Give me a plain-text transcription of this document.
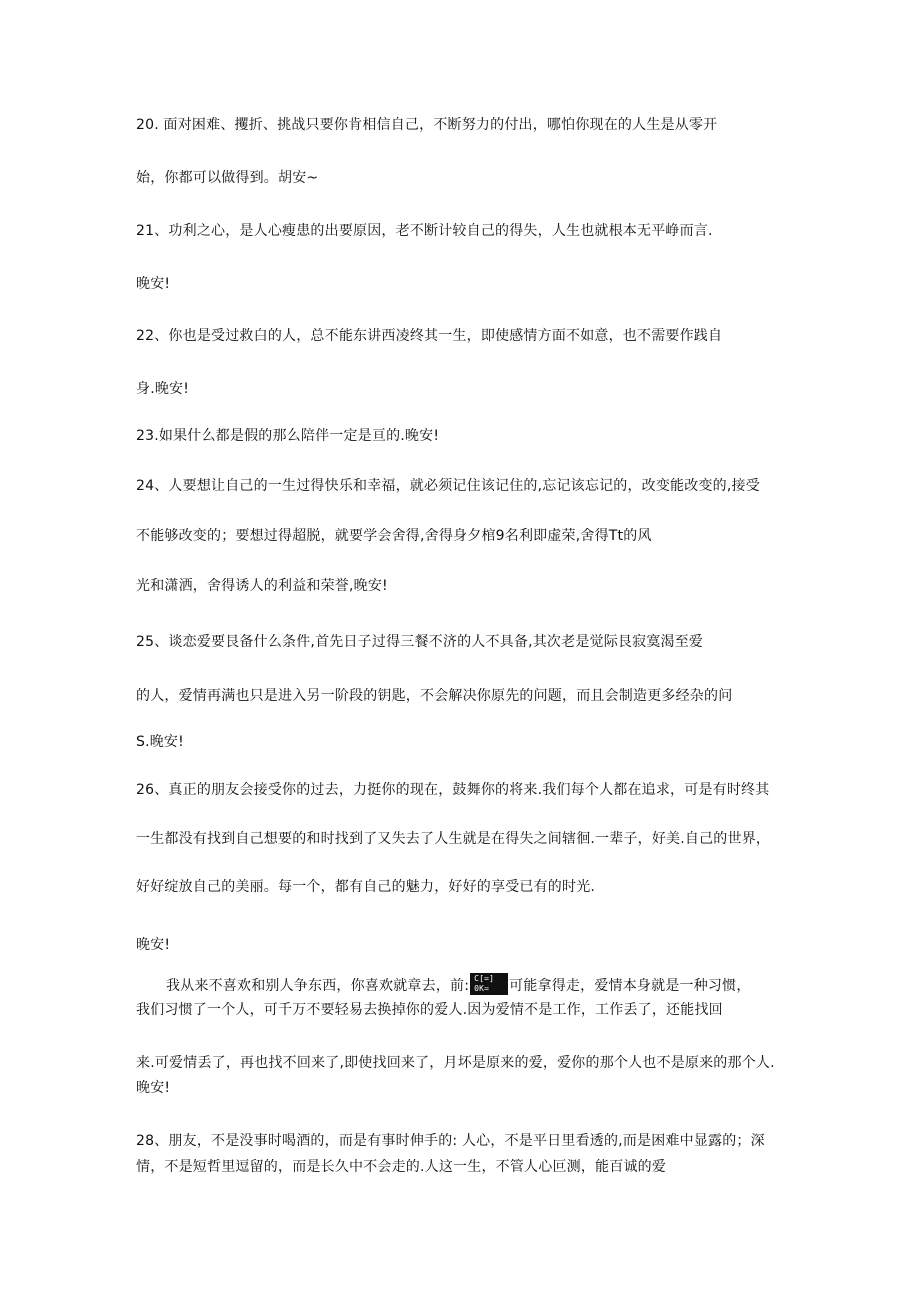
20. 面对困难、攫折、挑战只要你肯相信自己，不断努力的付出，哪怕你现在的人生是从零开
始，你都可以做得到。胡安~
21、功利之心，是人心瘦患的出要原因，老不断计较自己的得失，人生也就根本无平峥而言.
晚安!
22、你也是受过救白的人，总不能东讲西凌终其一生，即使感情方面不如意，也不需要作践自
身.晚安!
23.如果什么都是假的那么陪伴一定是亘的.晚安!
24、人要想让自己的一生过得快乐和幸福，就必须记住该记住的,忘记该忘记的，改变能改变的,接受
不能够改变的；要想过得超脱，就要学会舍得,舍得身夕棺9名利即虚荣,舍得Tt的风
光和潇洒，舍得诱人的利益和荣誉,晚安!
25、谈恋爱要艮备什么条件,首先日子过得三餐不济的人不具备,其次老是觉际艮寂寞渴至爱
的人，爱情再满也只是进入另一阶段的钥匙，不会解决你原先的问题，而且会制造更多经杂的问
S.晚安!
26、真正的朋友会接受你的过去，力挺你的现在，鼓舞你的将来.我们每个人都在追求，可是有时终其
一生都没有找到自己想要的和时找到了又失去了人生就是在得失之间辖徊.一辈子，好美.自己的世界，
好好绽放自己的美丽。每一个，都有自己的魅力，好好的享受已有的时光.
晚安!
我从来不喜欢和别人争东西，你喜欢就章去，前: C[=]
0K= 可能拿得走，爱情本身就是一种习惯，
我们习惯了一个人，可千万不要轻易去换掉你的爱人.因为爱情不是工作，工作丢了，还能找回
来.可爱情丢了，再也找不回来了,即使找回来了，月坏是原来的爱，爱你的那个人也不是原来的那个人.
晚安!
28、朋友，不是没事时喝酒的，而是有事时伸手的: 人心，不是平日里看透的,而是困难中显露的；深
情，不是短哲里逗留的，而是长久中不会走的.人这一生，不管人心叵测，能百诚的爱
